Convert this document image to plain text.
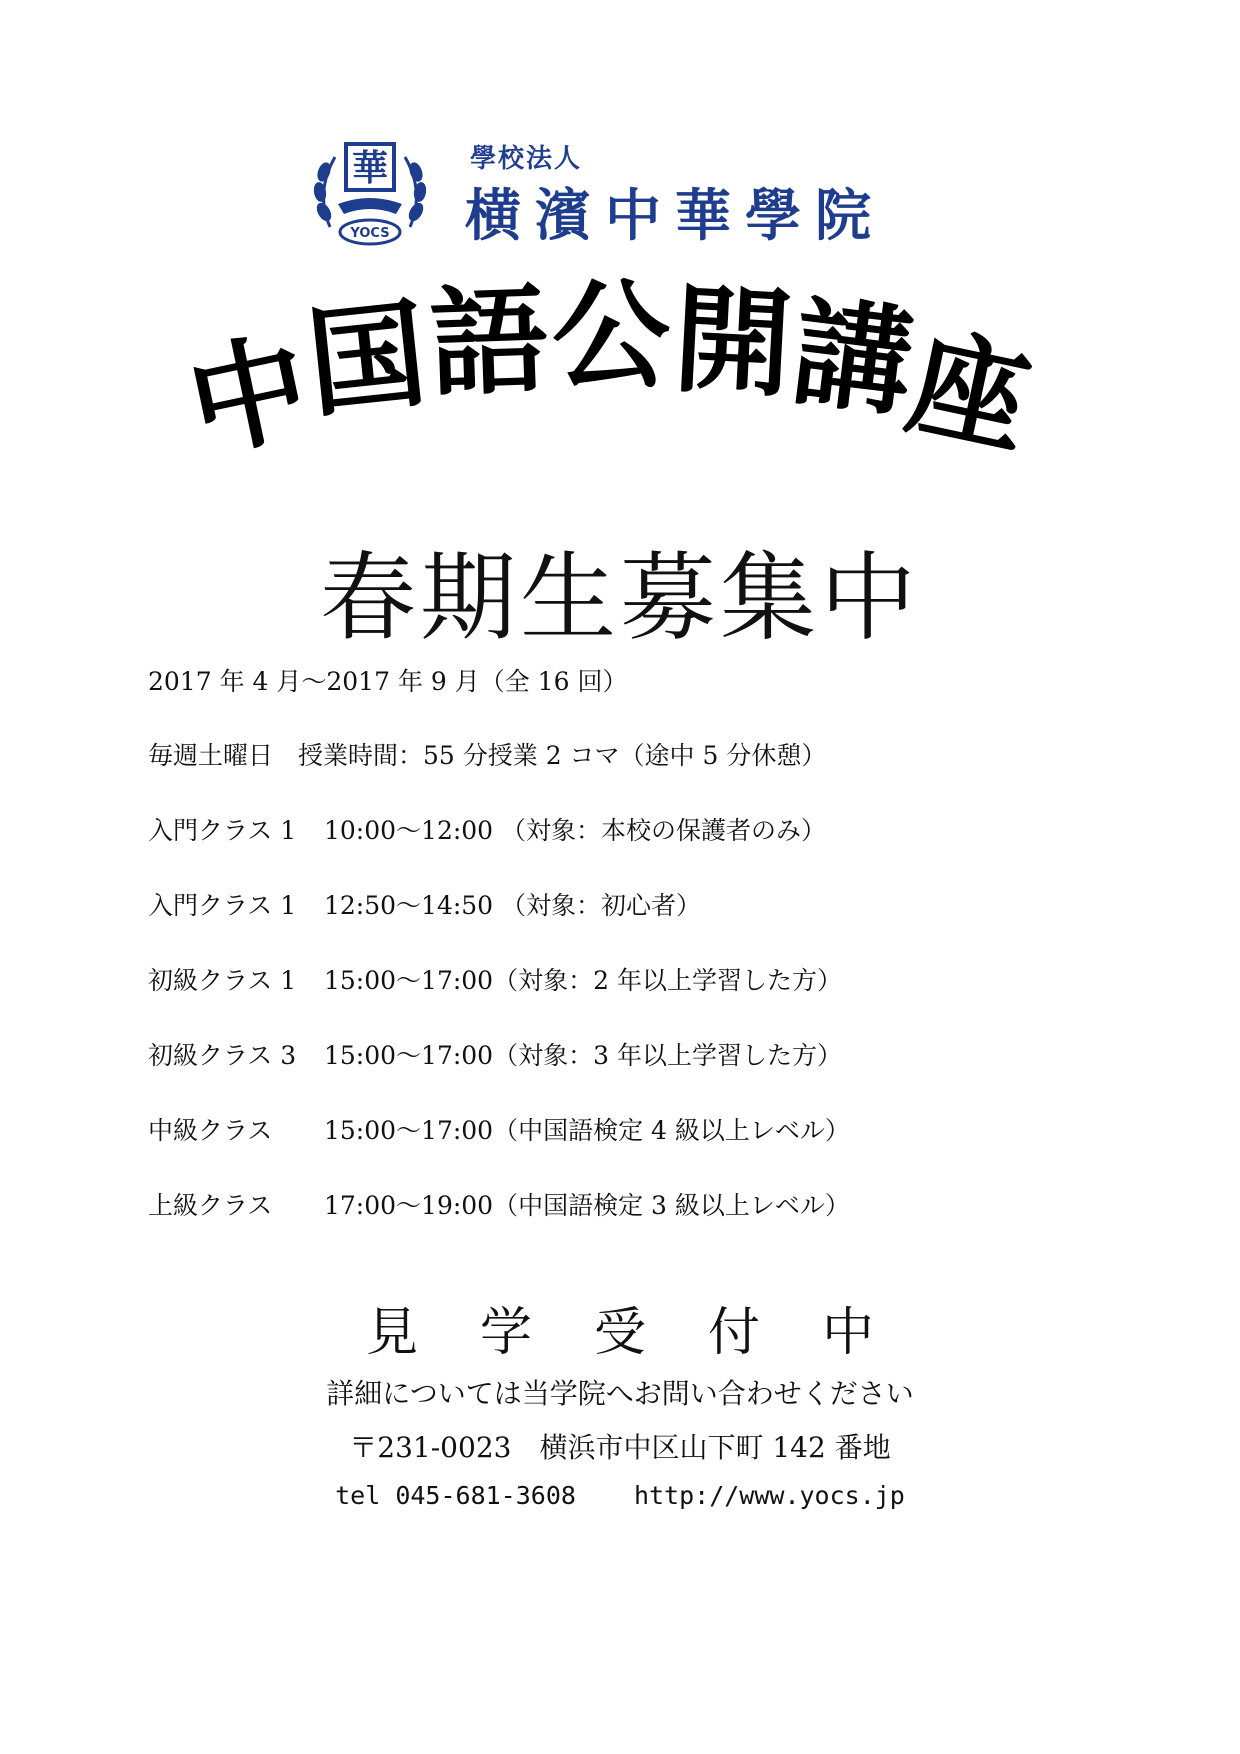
華
YOCS
學校法人
横濱中華學院
中
国
語 公 開
講
座
春期生募集中
2017 年 4 月～2017 年 9 月（全 16 回）
毎週土曜日　授業時間：55 分授業 2 コマ（途中 5 分休憩）
入門クラス 1 10:00～12:00 （対象：本校の保護者のみ）
入門クラス 1 12:50～14:50 （対象：初心者）
初級クラス 1 15:00～17:00（対象：2 年以上学習した方）
初級クラス 3 15:00～17:00（対象：3 年以上学習した方）
中級クラス 15:00～17:00（中国語検定 4 級以上レベル）
上級クラス 17:00～19:00（中国語検定 3 級以上レベル）
見学受付中
詳細については当学院へお問い合わせください
〒231-0023 横浜市中区山下町 142 番地
tel 045-681-3608 http://www.yocs.jp
